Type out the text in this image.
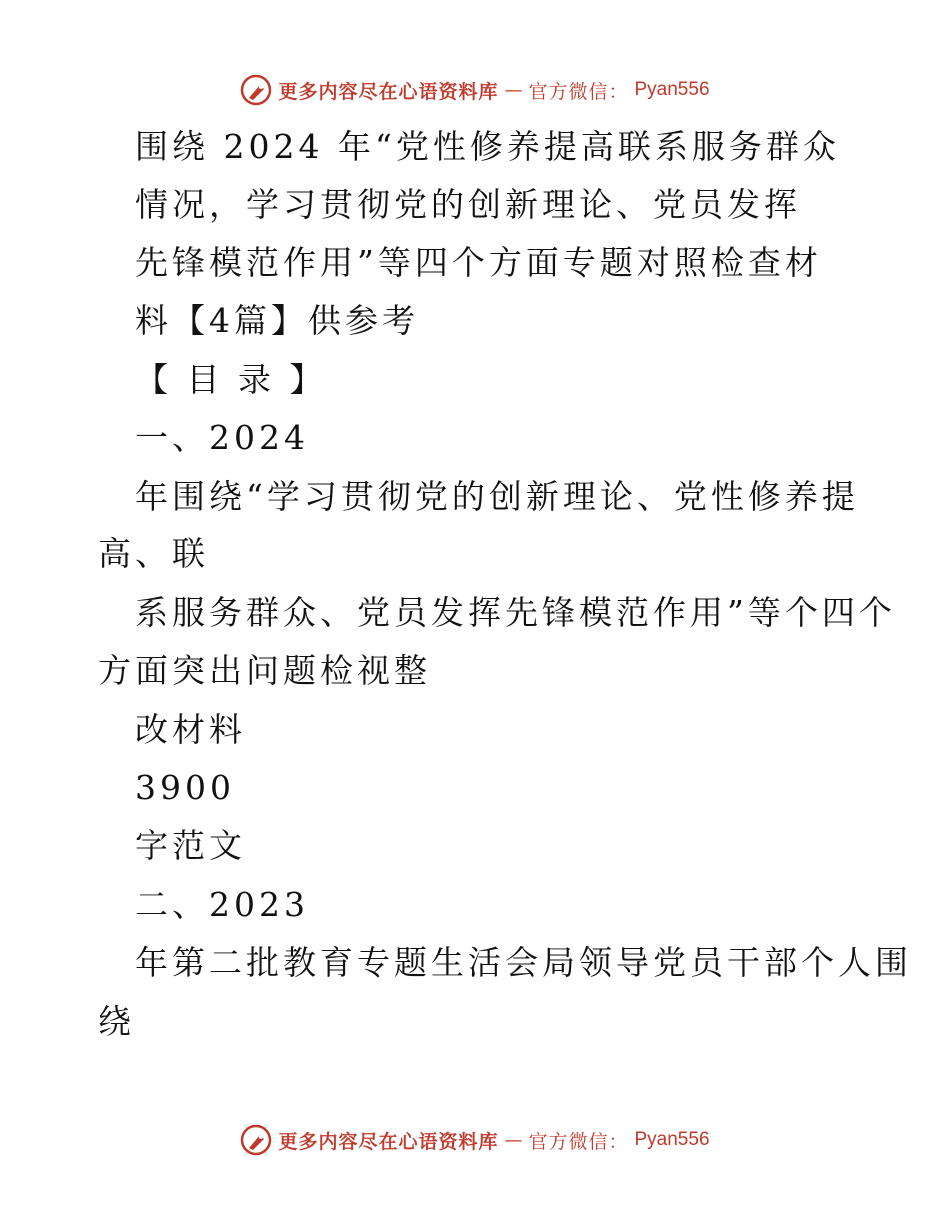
更多内容尽在心语资料库 — 官方微信： Pyan556
围绕 2024 年“党性修养提高联系服务群众
情况，学习贯彻党的创新理论、党员发挥
先锋模范作用”等四个方面专题对照检查材
料【4篇】供参考
【 目 录 】
一、2024
年围绕“学习贯彻党的创新理论、党性修养提
高、联
系服务群众、党员发挥先锋模范作用”等个四个
方面突出问题检视整
改材料
3900
字范文
二、2023
年第二批教育专题生活会局领导党员干部个人围
绕
更多内容尽在心语资料库 — 官方微信： Pyan556
